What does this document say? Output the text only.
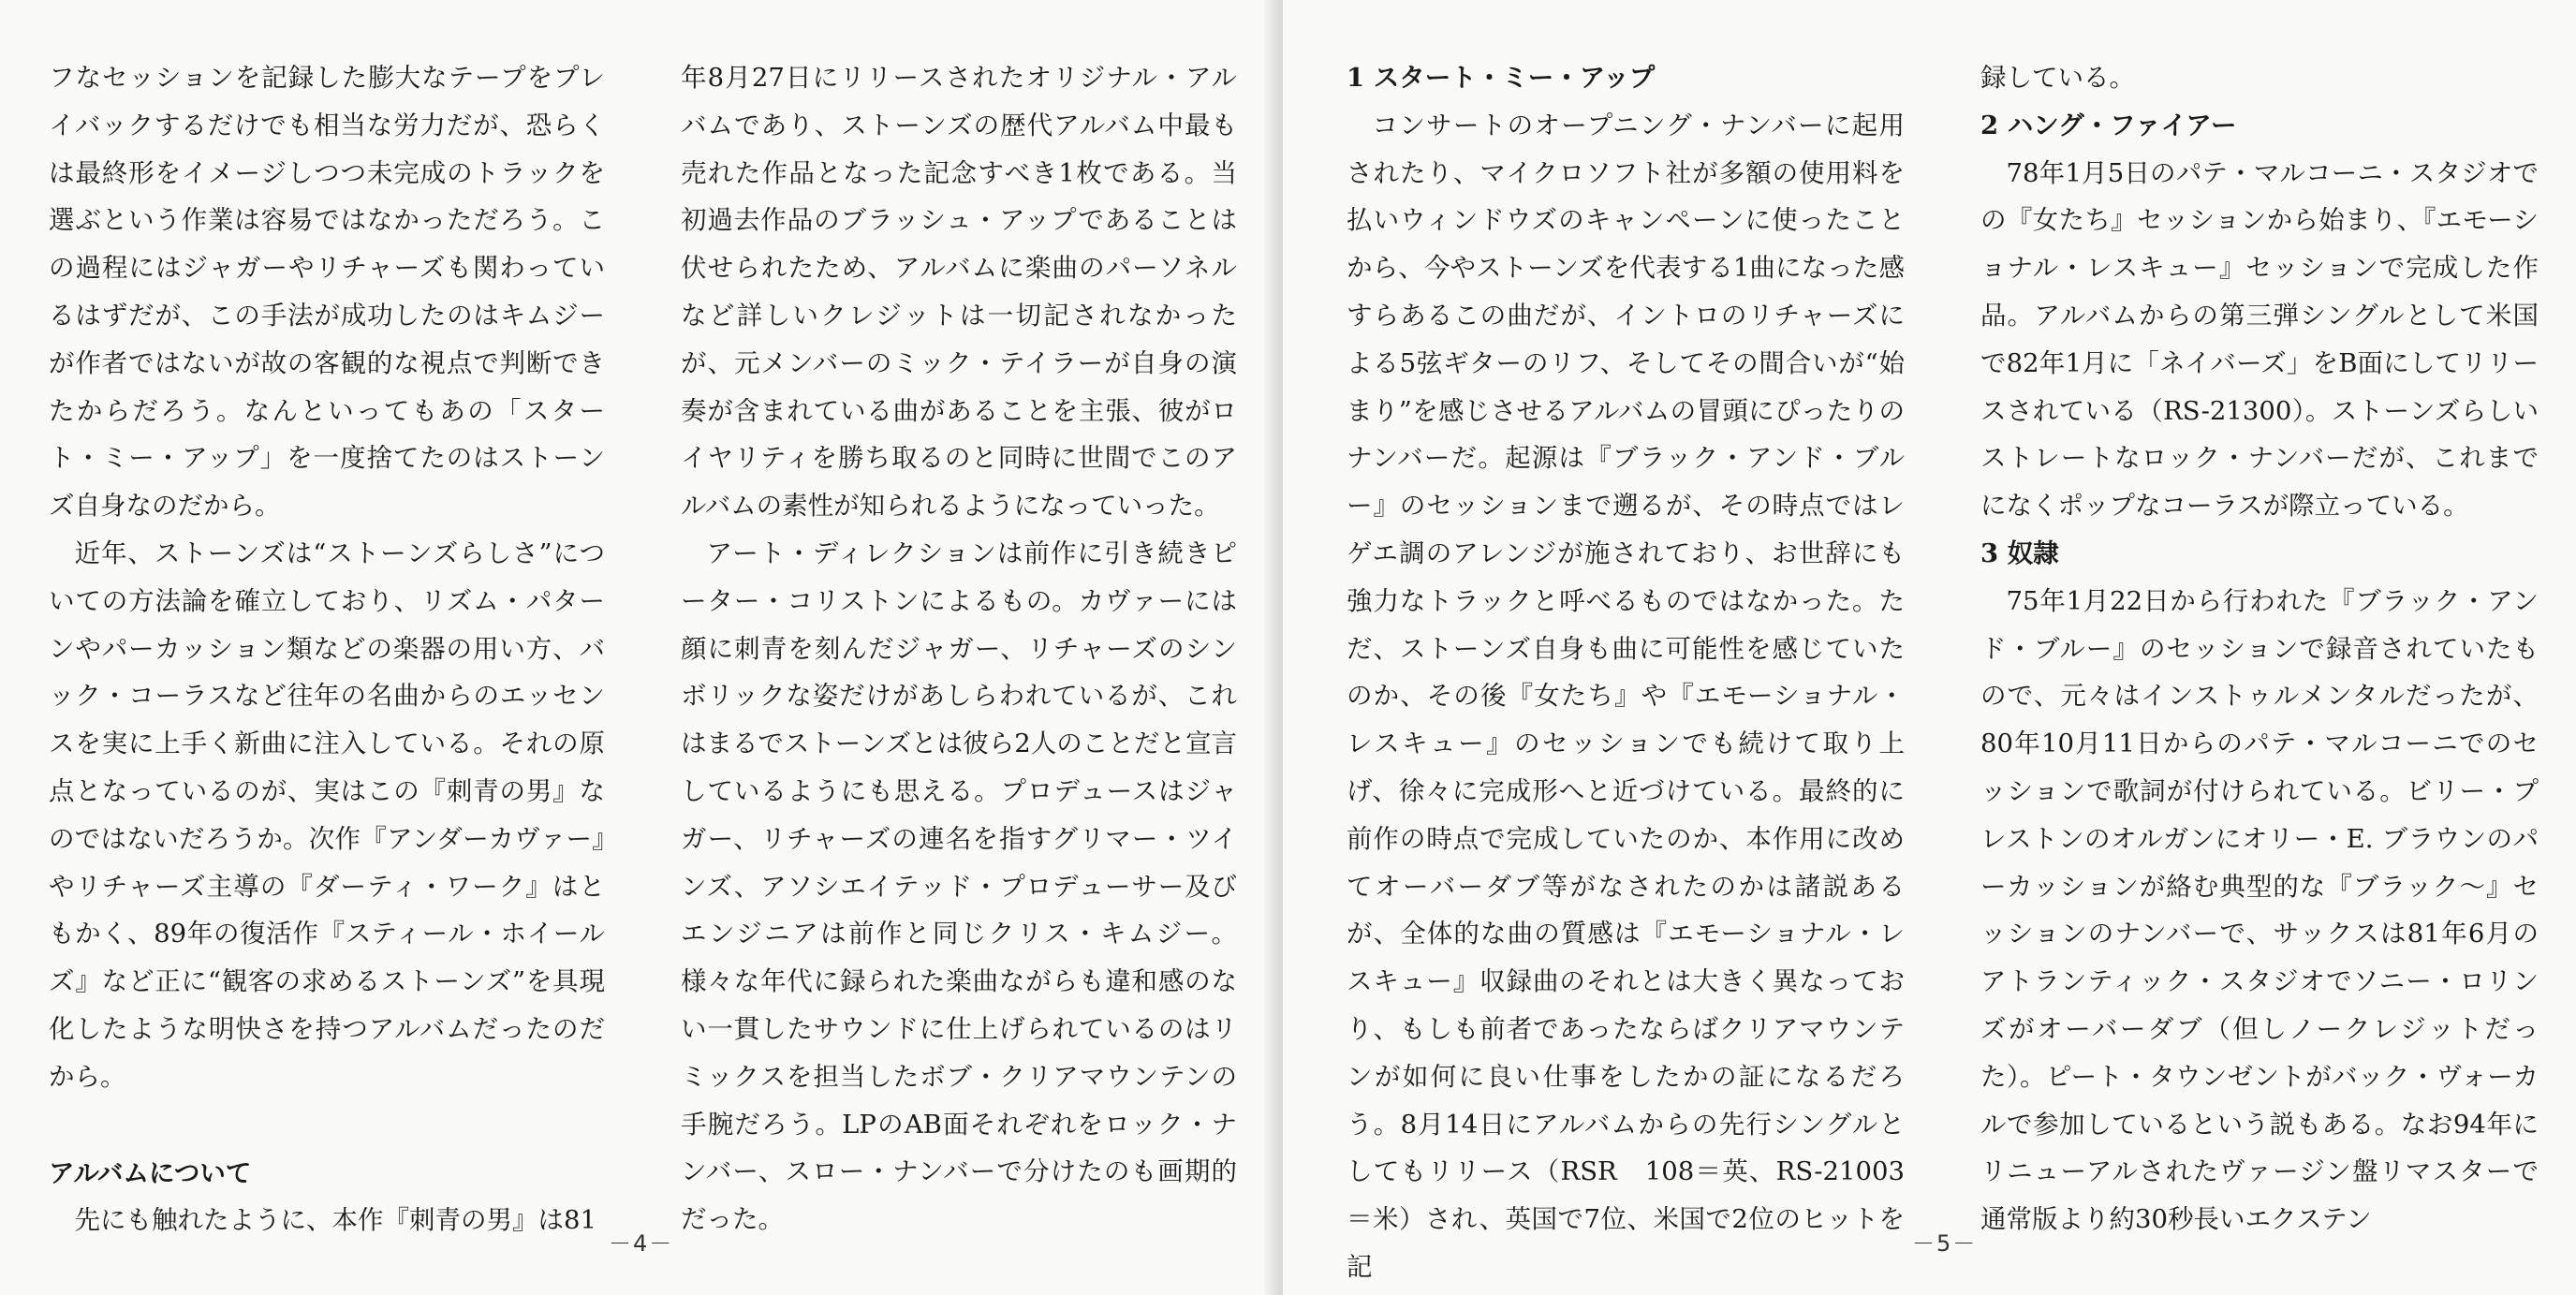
フなセッションを記録した膨大なテープをプレイバックするだけでも相当な労力だが、恐らくは最終形をイメージしつつ未完成のトラックを選ぶという作業は容易ではなかっただろう。この過程にはジャガーやリチャーズも関わっているはずだが、この手法が成功したのはキムジーが作者ではないが故の客観的な視点で判断できたからだろう。なんといってもあの「スタート・ミー・アップ」を一度捨てたのはストーンズ自身なのだから。

近年、ストーンズは“ストーンズらしさ”についての方法論を確立しており、リズム・パターンやパーカッション類などの楽器の用い方、バック・コーラスなど往年の名曲からのエッセンスを実に上手く新曲に注入している。それの原点となっているのが、実はこの『刺青の男』なのではないだろうか。次作『アンダーカヴァー』やリチャーズ主導の『ダーティ・ワーク』はともかく、89年の復活作『スティール・ホイールズ』など正に“観客の求めるストーンズ”を具現化したような明快さを持つアルバムだったのだから。

アルバムについて

先にも触れたように、本作『刺青の男』は81

年8月27日にリリースされたオリジナル・アルバムであり、ストーンズの歴代アルバム中最も売れた作品となった記念すべき1枚である。当初過去作品のブラッシュ・アップであることは伏せられたため、アルバムに楽曲のパーソネルなど詳しいクレジットは一切記されなかったが、元メンバーのミック・テイラーが自身の演奏が含まれている曲があることを主張、彼がロイヤリティを勝ち取るのと同時に世間でこのアルバムの素性が知られるようになっていった。

アート・ディレクションは前作に引き続きピーター・コリストンによるもの。カヴァーには顔に刺青を刻んだジャガー、リチャーズのシンボリックな姿だけがあしらわれているが、これはまるでストーンズとは彼ら2人のことだと宣言しているようにも思える。プロデュースはジャガー、リチャーズの連名を指すグリマー・ツインズ、アソシエイテッド・プロデューサー及びエンジニアは前作と同じクリス・キムジー。様々な年代に録られた楽曲ながらも違和感のない一貫したサウンドに仕上げられているのはリミックスを担当したボブ・クリアマウンテンの手腕だろう。LPのAB面それぞれをロック・ナンバー、スロー・ナンバーで分けたのも画期的だった。

－4－
1 スタート・ミー・アップ

コンサートのオープニング・ナンバーに起用されたり、マイクロソフト社が多額の使用料を払いウィンドウズのキャンペーンに使ったことから、今やストーンズを代表する1曲になった感すらあるこの曲だが、イントロのリチャーズによる5弦ギターのリフ、そしてその間合いが“始まり”を感じさせるアルバムの冒頭にぴったりのナンバーだ。起源は『ブラック・アンド・ブルー』のセッションまで遡るが、その時点ではレゲエ調のアレンジが施されており、お世辞にも強力なトラックと呼べるものではなかった。ただ、ストーンズ自身も曲に可能性を感じていたのか、その後『女たち』や『エモーショナル・レスキュー』のセッションでも続けて取り上げ、徐々に完成形へと近づけている。最終的に前作の時点で完成していたのか、本作用に改めてオーバーダブ等がなされたのかは諸説あるが、全体的な曲の質感は『エモーショナル・レスキュー』収録曲のそれとは大きく異なっており、もしも前者であったならばクリアマウンテンが如何に良い仕事をしたかの証になるだろう。8月14日にアルバムからの先行シングルとしてもリリース（RSR　108＝英、RS-21003＝米）され、英国で7位、米国で2位のヒットを記

録している。

2 ハング・ファイアー

78年1月5日のパテ・マルコーニ・スタジオでの『女たち』セッションから始まり、『エモーショナル・レスキュー』セッションで完成した作品。アルバムからの第三弾シングルとして米国で82年1月に「ネイバーズ」をB面にしてリリースされている（RS-21300）。ストーンズらしいストレートなロック・ナンバーだが、これまでになくポップなコーラスが際立っている。

3 奴隷

75年1月22日から行われた『ブラック・アンド・ブルー』のセッションで録音されていたもので、元々はインストゥルメンタルだったが、80年10月11日からのパテ・マルコーニでのセッションで歌詞が付けられている。ビリー・プレストンのオルガンにオリー・E. ブラウンのパーカッションが絡む典型的な『ブラック～』セッションのナンバーで、サックスは81年6月のアトランティック・スタジオでソニー・ロリンズがオーバーダブ（但しノークレジットだった）。ピート・タウンゼントがバック・ヴォーカルで参加しているという説もある。なお94年にリニューアルされたヴァージン盤リマスターで通常版より約30秒長いエクステン

－5－
